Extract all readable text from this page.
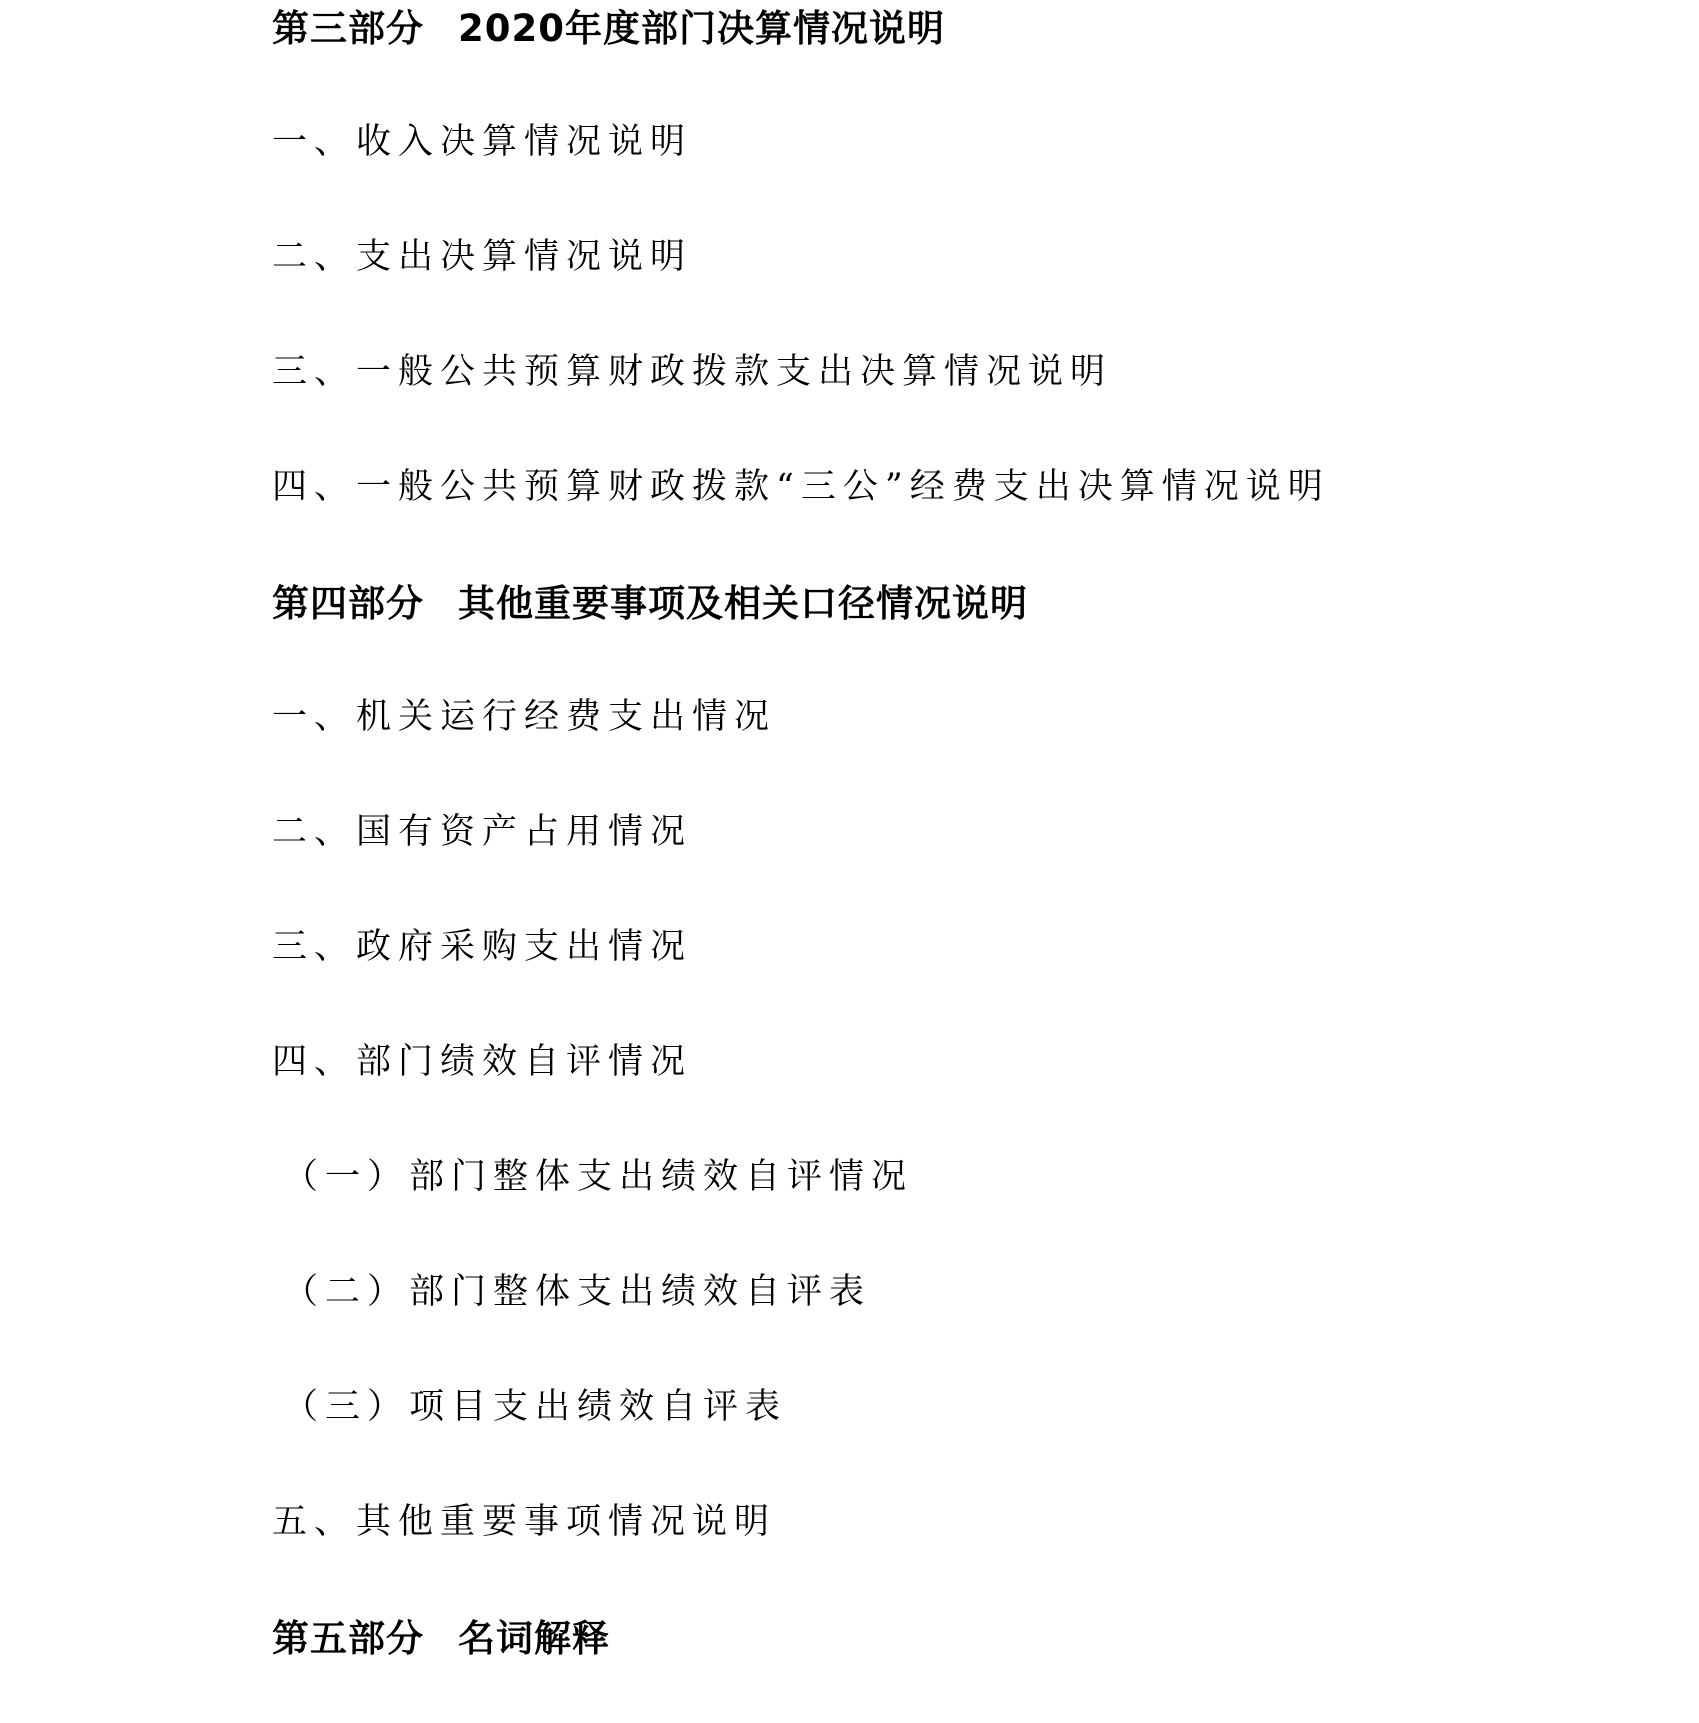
第三部分 2020年度部门决算情况说明
一、收入决算情况说明
二、支出决算情况说明
三、一般公共预算财政拨款支出决算情况说明
四、一般公共预算财政拨款“三公”经费支出决算情况说明
第四部分 其他重要事项及相关口径情况说明
一、机关运行经费支出情况
二、国有资产占用情况
三、政府采购支出情况
四、部门绩效自评情况
（一）部门整体支出绩效自评情况
（二）部门整体支出绩效自评表
（三）项目支出绩效自评表
五、其他重要事项情况说明
第五部分 名词解释
